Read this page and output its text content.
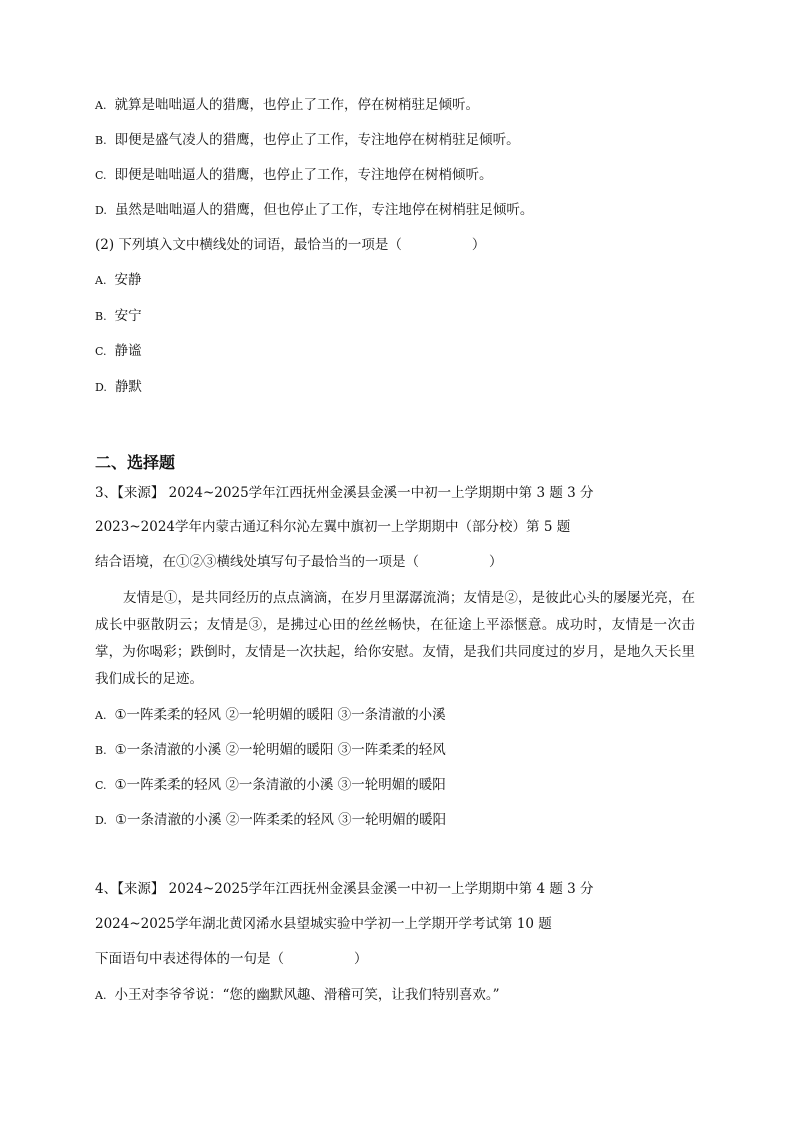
A. 就算是咄咄逼人的猎鹰，也停止了工作，停在树梢驻足倾听。
B. 即便是盛气凌人的猎鹰，也停止了工作，专注地停在树梢驻足倾听。
C. 即便是咄咄逼人的猎鹰，也停止了工作，专注地停在树梢倾听。
D. 虽然是咄咄逼人的猎鹰，但也停止了工作，专注地停在树梢驻足倾听。
(2) 下列填入文中横线处的词语，最恰当的一项是（	）
A. 安静
B. 安宁
C. 静谧
D. 静默
二、选择题
3、【来源】 2024~2025学年江西抚州金溪县金溪一中初一上学期期中第 3 题 3 分
2023~2024学年内蒙古通辽科尔沁左翼中旗初一上学期期中（部分校）第 5 题
结合语境，在①②③横线处填写句子最恰当的一项是（	）
友情是①，是共同经历的点点滴滴，在岁月里潺潺流淌；友情是②，是彼此心头的屡屡光亮，在成长中驱散阴云；友情是③，是拂过心田的丝丝畅快，在征途上平添惬意。成功时，友情是一次击掌，为你喝彩；跌倒时，友情是一次扶起，给你安慰。友情，是我们共同度过的岁月，是地久天长里我们成长的足迹。
A. ①一阵柔柔的轻风 ②一轮明媚的暖阳 ③一条清澈的小溪
B. ①一条清澈的小溪 ②一轮明媚的暖阳 ③一阵柔柔的轻风
C. ①一阵柔柔的轻风 ②一条清澈的小溪 ③一轮明媚的暖阳
D. ①一条清澈的小溪 ②一阵柔柔的轻风 ③一轮明媚的暖阳
4、【来源】 2024~2025学年江西抚州金溪县金溪一中初一上学期期中第 4 题 3 分
2024~2025学年湖北黄冈浠水县望城实验中学初一上学期开学考试第 10 题
下面语句中表述得体的一句是（	）
A. 小王对李爷爷说：“您的幽默风趣、滑稽可笑，让我们特别喜欢。”
